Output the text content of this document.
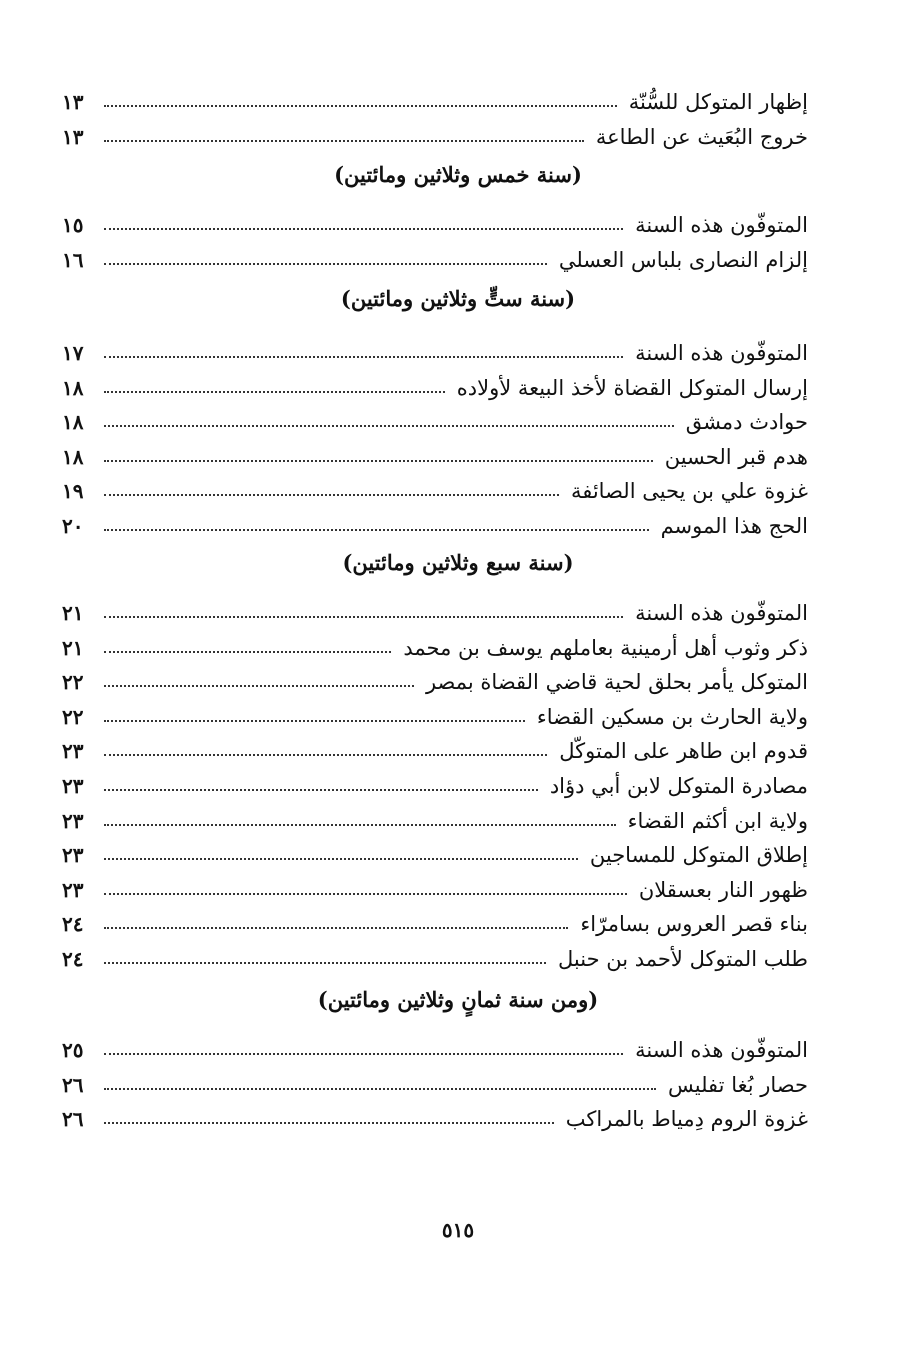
إظهار المتوكل للسُّنّة
١٣
خروج البُعَيث عن الطاعة
١٣
(سنة خمس وثلاثين ومائتين)
المتوفّون هذه السنة
١٥
إلزام النصارى بلباس العسلي
١٦
(سنة ستٍّ وثلاثين ومائتين)
المتوفّون هذه السنة
١٧
إرسال المتوكل القضاة لأخذ البيعة لأولاده
١٨
حوادث دمشق
١٨
هدم قبر الحسين
١٨
غزوة علي بن يحيى الصائفة
١٩
الحج هذا الموسم
٢٠
(سنة سبع وثلاثين ومائتين)
المتوفّون هذه السنة
٢١
ذكر وثوب أهل أرمينية بعاملهم يوسف بن محمد
٢١
المتوكل يأمر بحلق لحية قاضي القضاة بمصر
٢٢
ولاية الحارث بن مسكين القضاء
٢٢
قدوم ابن طاهر على المتوكّل
٢٣
مصادرة المتوكل لابن أبي دؤاد
٢٣
ولاية ابن أكثم القضاء
٢٣
إطلاق المتوكل للمساجين
٢٣
ظهور النار بعسقلان
٢٣
بناء قصر العروس بسامرّاء
٢٤
طلب المتوكل لأحمد بن حنبل
٢٤
(ومن سنة ثمانٍ وثلاثين ومائتين)
المتوفّون هذه السنة
٢٥
حصار بُغا تفليس
٢٦
غزوة الروم دِمياط بالمراكب
٢٦
٥١٥
